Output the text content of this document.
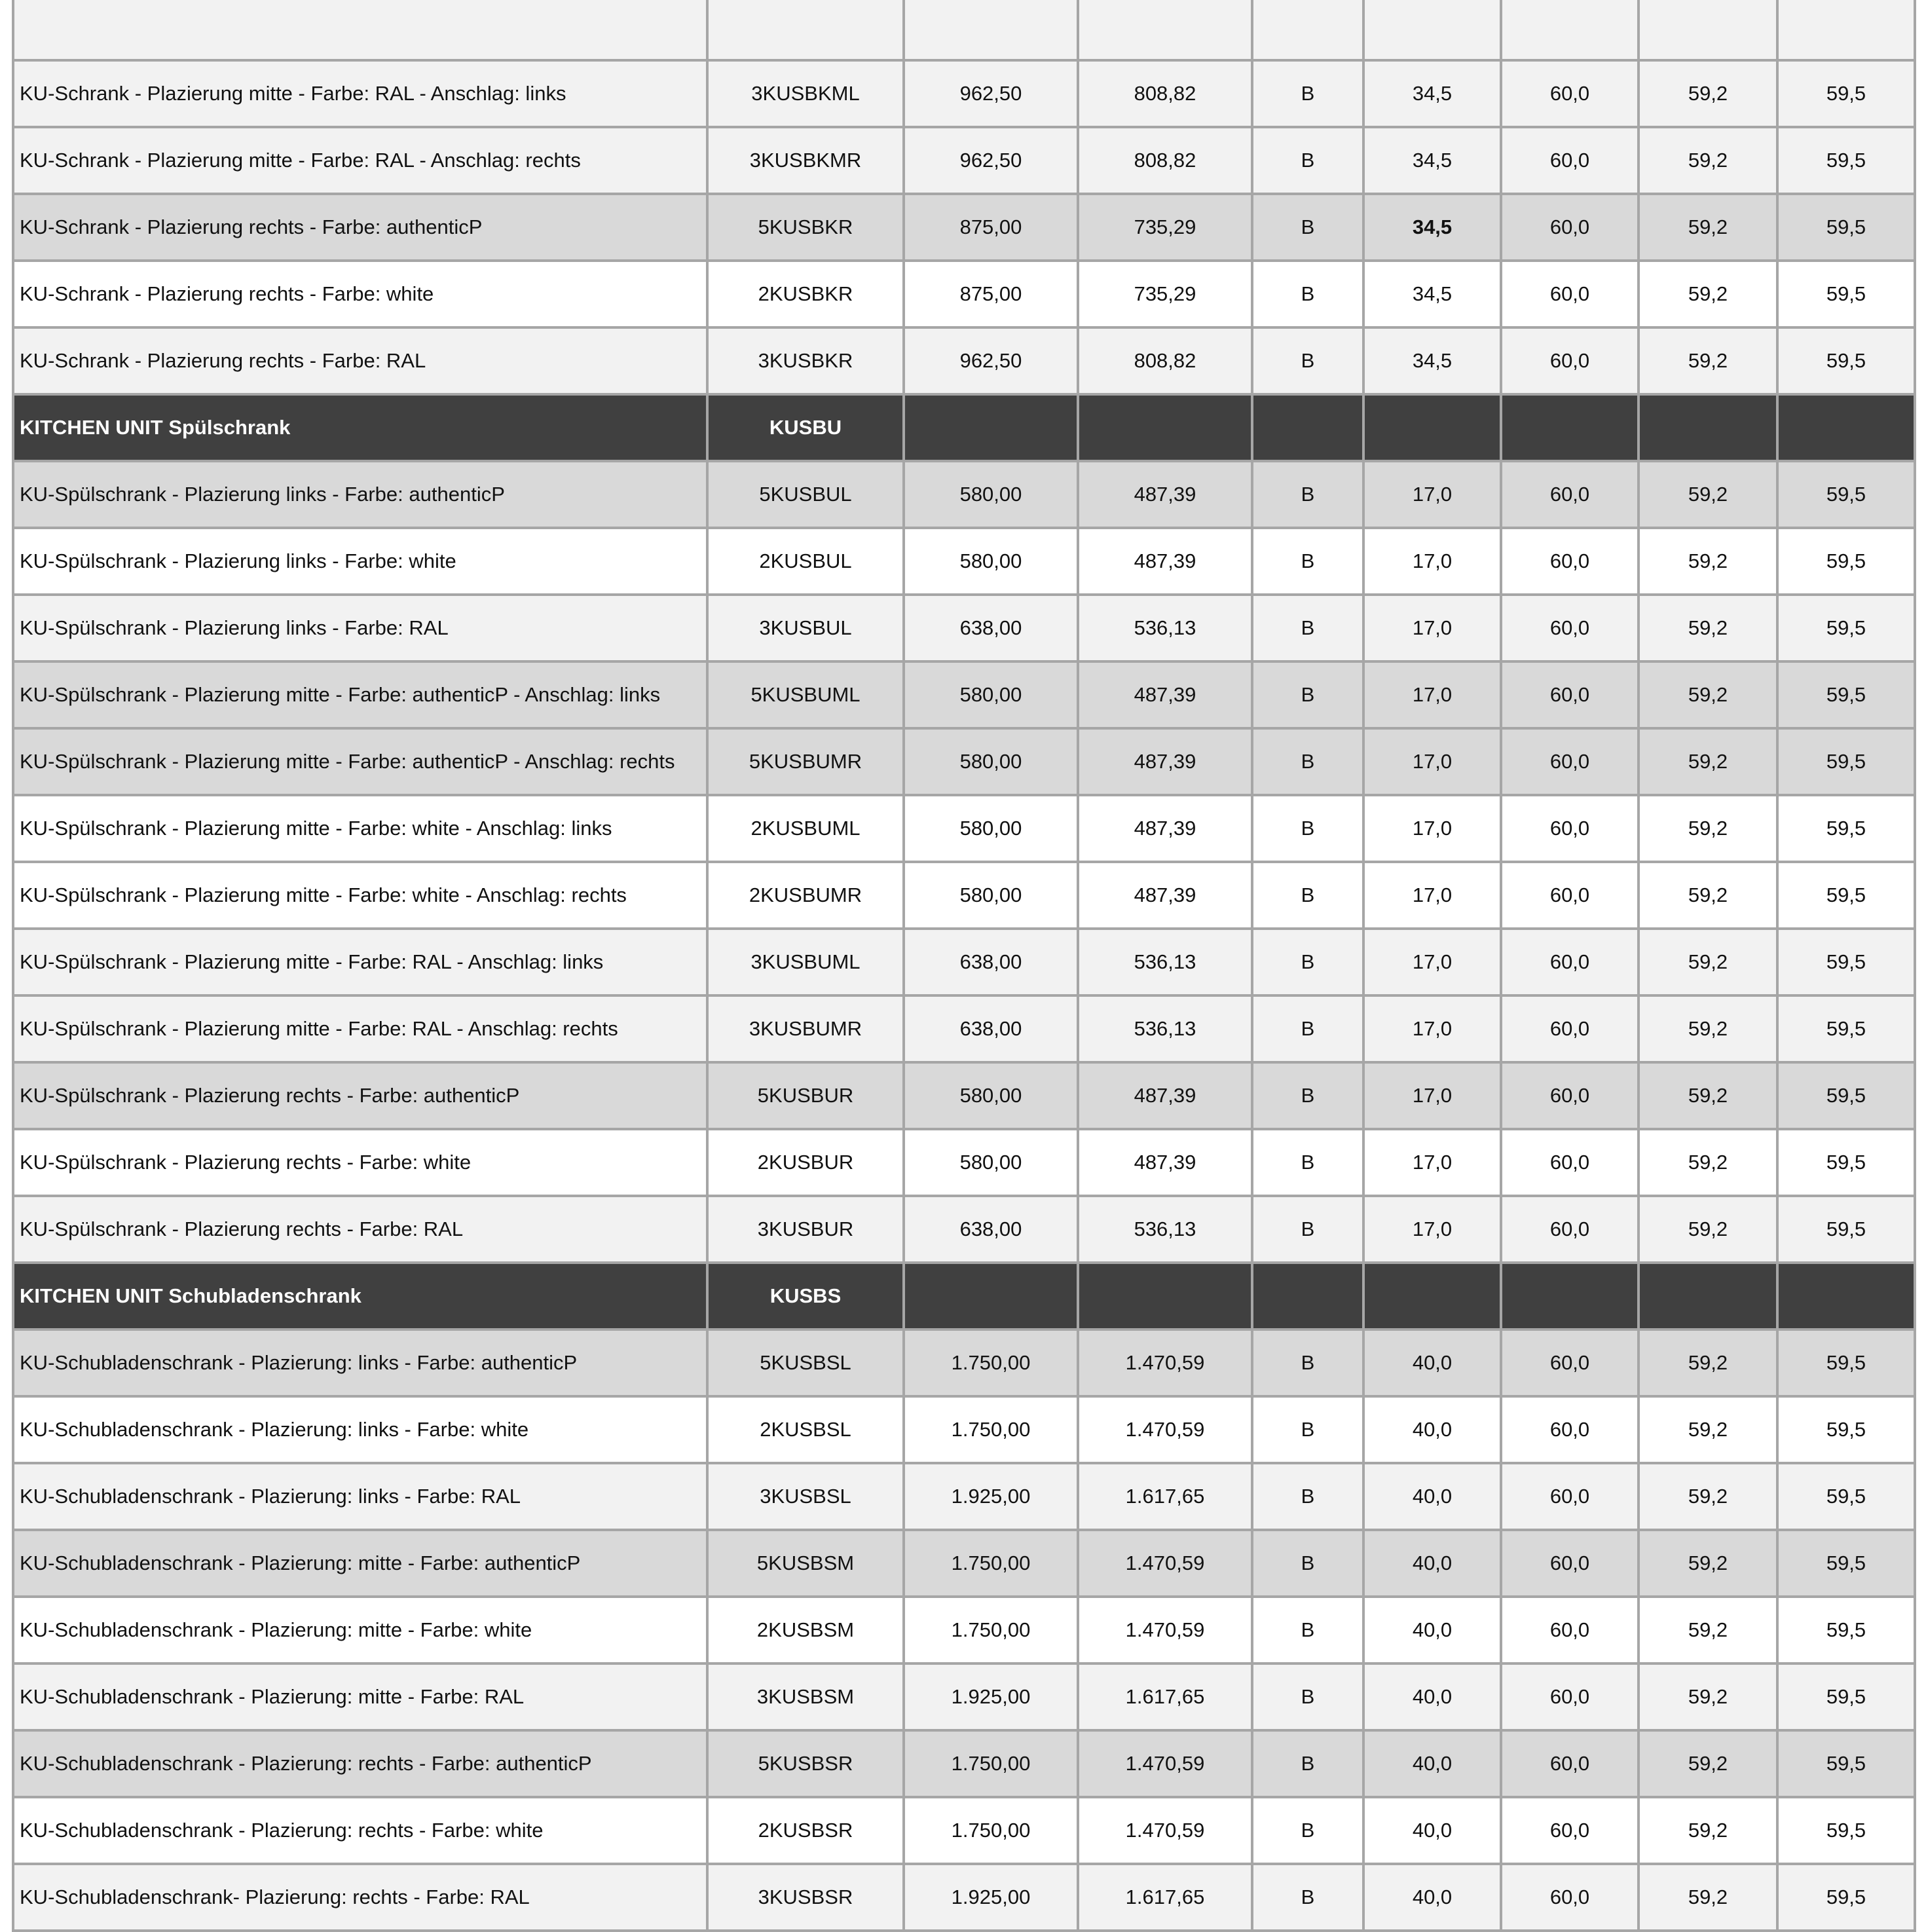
KU-Schrank - Plazierung mitte - Farbe: RAL - Anschlag: links	3KUSBKML	962,50	808,82	B	34,5	60,0	59,2	59,5
KU-Schrank - Plazierung mitte - Farbe: RAL - Anschlag: rechts	3KUSBKMR	962,50	808,82	B	34,5	60,0	59,2	59,5
KU-Schrank - Plazierung rechts - Farbe: authenticP	5KUSBKR	875,00	735,29	B	34,5	60,0	59,2	59,5
KU-Schrank - Plazierung rechts - Farbe: white	2KUSBKR	875,00	735,29	B	34,5	60,0	59,2	59,5
KU-Schrank - Plazierung rechts - Farbe: RAL	3KUSBKR	962,50	808,82	B	34,5	60,0	59,2	59,5
KITCHEN UNIT Spülschrank	KUSBU							
KU-Spülschrank - Plazierung links - Farbe: authenticP	5KUSBUL	580,00	487,39	B	17,0	60,0	59,2	59,5
KU-Spülschrank - Plazierung links - Farbe: white	2KUSBUL	580,00	487,39	B	17,0	60,0	59,2	59,5
KU-Spülschrank - Plazierung links - Farbe: RAL	3KUSBUL	638,00	536,13	B	17,0	60,0	59,2	59,5
KU-Spülschrank - Plazierung mitte - Farbe: authenticP - Anschlag: links	5KUSBUML	580,00	487,39	B	17,0	60,0	59,2	59,5
KU-Spülschrank - Plazierung mitte - Farbe: authenticP - Anschlag: rechts	5KUSBUMR	580,00	487,39	B	17,0	60,0	59,2	59,5
KU-Spülschrank - Plazierung mitte - Farbe: white - Anschlag: links	2KUSBUML	580,00	487,39	B	17,0	60,0	59,2	59,5
KU-Spülschrank - Plazierung mitte - Farbe: white - Anschlag: rechts	2KUSBUMR	580,00	487,39	B	17,0	60,0	59,2	59,5
KU-Spülschrank - Plazierung mitte - Farbe: RAL - Anschlag: links	3KUSBUML	638,00	536,13	B	17,0	60,0	59,2	59,5
KU-Spülschrank - Plazierung mitte - Farbe: RAL - Anschlag: rechts	3KUSBUMR	638,00	536,13	B	17,0	60,0	59,2	59,5
KU-Spülschrank - Plazierung rechts - Farbe: authenticP	5KUSBUR	580,00	487,39	B	17,0	60,0	59,2	59,5
KU-Spülschrank - Plazierung rechts - Farbe: white	2KUSBUR	580,00	487,39	B	17,0	60,0	59,2	59,5
KU-Spülschrank - Plazierung rechts - Farbe: RAL	3KUSBUR	638,00	536,13	B	17,0	60,0	59,2	59,5
KITCHEN UNIT Schubladenschrank	KUSBS							
KU-Schubladenschrank - Plazierung: links - Farbe: authenticP	5KUSBSL	1.750,00	1.470,59	B	40,0	60,0	59,2	59,5
KU-Schubladenschrank - Plazierung: links - Farbe: white	2KUSBSL	1.750,00	1.470,59	B	40,0	60,0	59,2	59,5
KU-Schubladenschrank - Plazierung: links - Farbe: RAL	3KUSBSL	1.925,00	1.617,65	B	40,0	60,0	59,2	59,5
KU-Schubladenschrank - Plazierung: mitte - Farbe: authenticP	5KUSBSM	1.750,00	1.470,59	B	40,0	60,0	59,2	59,5
KU-Schubladenschrank - Plazierung: mitte - Farbe: white	2KUSBSM	1.750,00	1.470,59	B	40,0	60,0	59,2	59,5
KU-Schubladenschrank - Plazierung: mitte - Farbe: RAL	3KUSBSM	1.925,00	1.617,65	B	40,0	60,0	59,2	59,5
KU-Schubladenschrank - Plazierung: rechts - Farbe: authenticP	5KUSBSR	1.750,00	1.470,59	B	40,0	60,0	59,2	59,5
KU-Schubladenschrank - Plazierung: rechts - Farbe: white	2KUSBSR	1.750,00	1.470,59	B	40,0	60,0	59,2	59,5
KU-Schubladenschrank- Plazierung: rechts - Farbe: RAL	3KUSBSR	1.925,00	1.617,65	B	40,0	60,0	59,2	59,5
